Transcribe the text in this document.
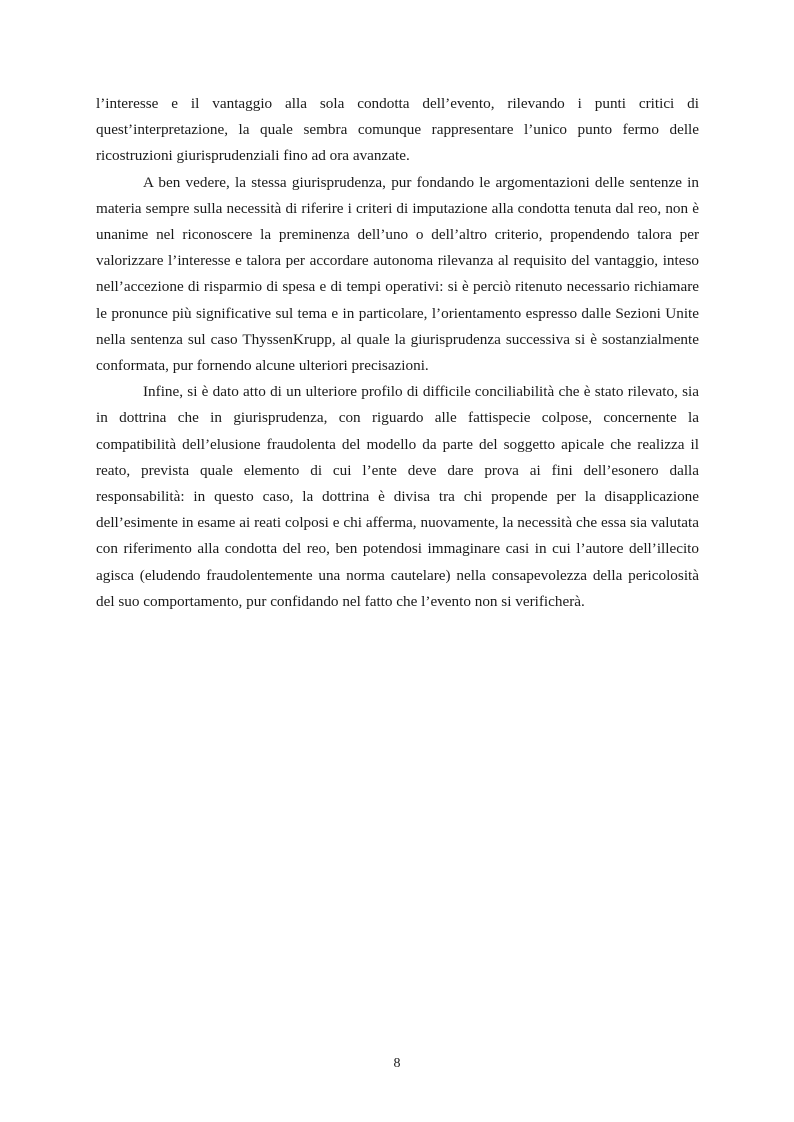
l’interesse e il vantaggio alla sola condotta dell’evento, rilevando i punti critici di quest’interpretazione, la quale sembra comunque rappresentare l’unico punto fermo delle ricostruzioni giurisprudenziali fino ad ora avanzate.

A ben vedere, la stessa giurisprudenza, pur fondando le argomentazioni delle sentenze in materia sempre sulla necessità di riferire i criteri di imputazione alla condotta tenuta dal reo, non è unanime nel riconoscere la preminenza dell’uno o dell’altro criterio, propendendo talora per valorizzare l’interesse e talora per accordare autonoma rilevanza al requisito del vantaggio, inteso nell’accezione di risparmio di spesa e di tempi operativi: si è perciò ritenuto necessario richiamare le pronunce più significative sul tema e in particolare, l’orientamento espresso dalle Sezioni Unite nella sentenza sul caso ThyssenKrupp, al quale la giurisprudenza successiva si è sostanzialmente conformata, pur fornendo alcune ulteriori precisazioni.

Infine, si è dato atto di un ulteriore profilo di difficile conciliabilità che è stato rilevato, sia in dottrina che in giurisprudenza, con riguardo alle fattispecie colpose, concernente la compatibilità dell’elusione fraudolenta del modello da parte del soggetto apicale che realizza il reato, prevista quale elemento di cui l’ente deve dare prova ai fini dell’esonero dalla responsabilità: in questo caso, la dottrina è divisa tra chi propende per la disapplicazione dell’esimente in esame ai reati colposi e chi afferma, nuovamente, la necessità che essa sia valutata con riferimento alla condotta del reo, ben potendosi immaginare casi in cui l’autore dell’illecito agisca (eludendo fraudolentemente una norma cautelare) nella consapevolezza della pericolosità del suo comportamento, pur confidando nel fatto che l’evento non si verificherà.

8
